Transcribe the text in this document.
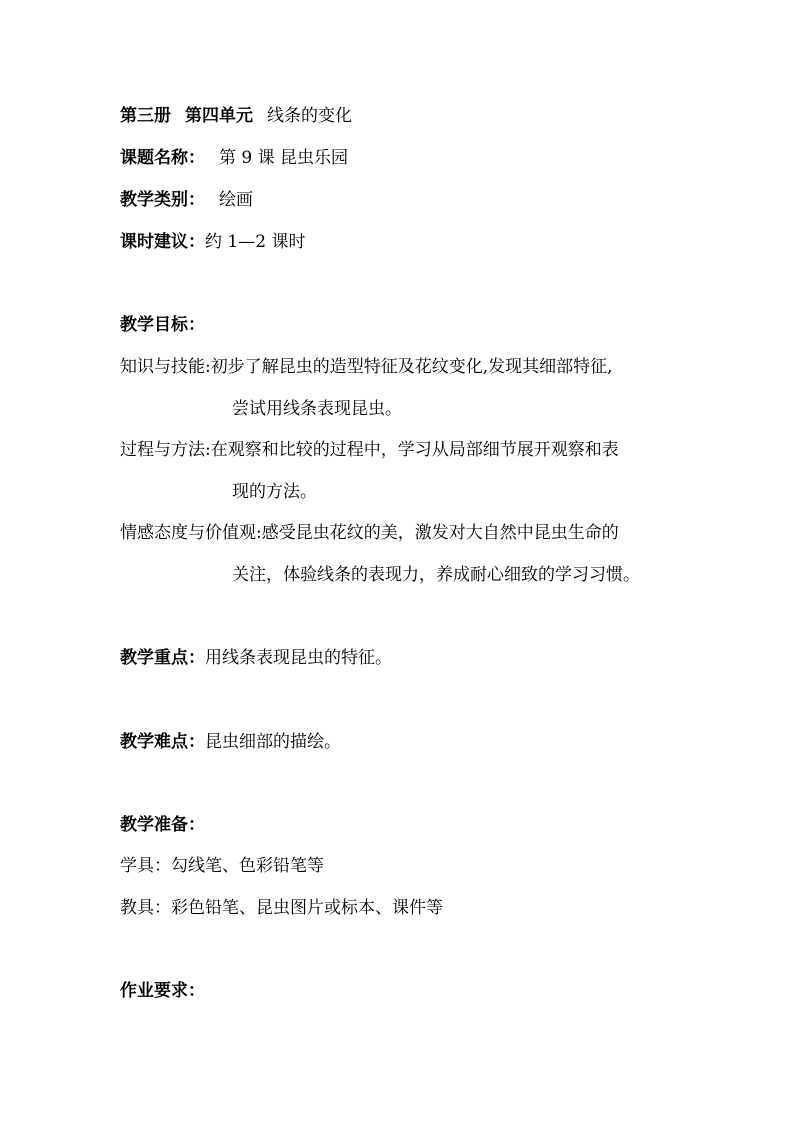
第三册 第四单元 线条的变化
课题名称： 第 9 课 昆虫乐园
教学类别： 绘画
课时建议：约 1—2 课时
教学目标：
知识与技能:初步了解昆虫的造型特征及花纹变化,发现其细部特征,
尝试用线条表现昆虫。
过程与方法:在观察和比较的过程中，学习从局部细节展开观察和表
现的方法。
情感态度与价值观:感受昆虫花纹的美，激发对大自然中昆虫生命的
关注，体验线条的表现力，养成耐心细致的学习习惯。
教学重点：用线条表现昆虫的特征。
教学难点：昆虫细部的描绘。
教学准备：
学具：勾线笔、色彩铅笔等
教具：彩色铅笔、昆虫图片或标本、课件等
作业要求：
